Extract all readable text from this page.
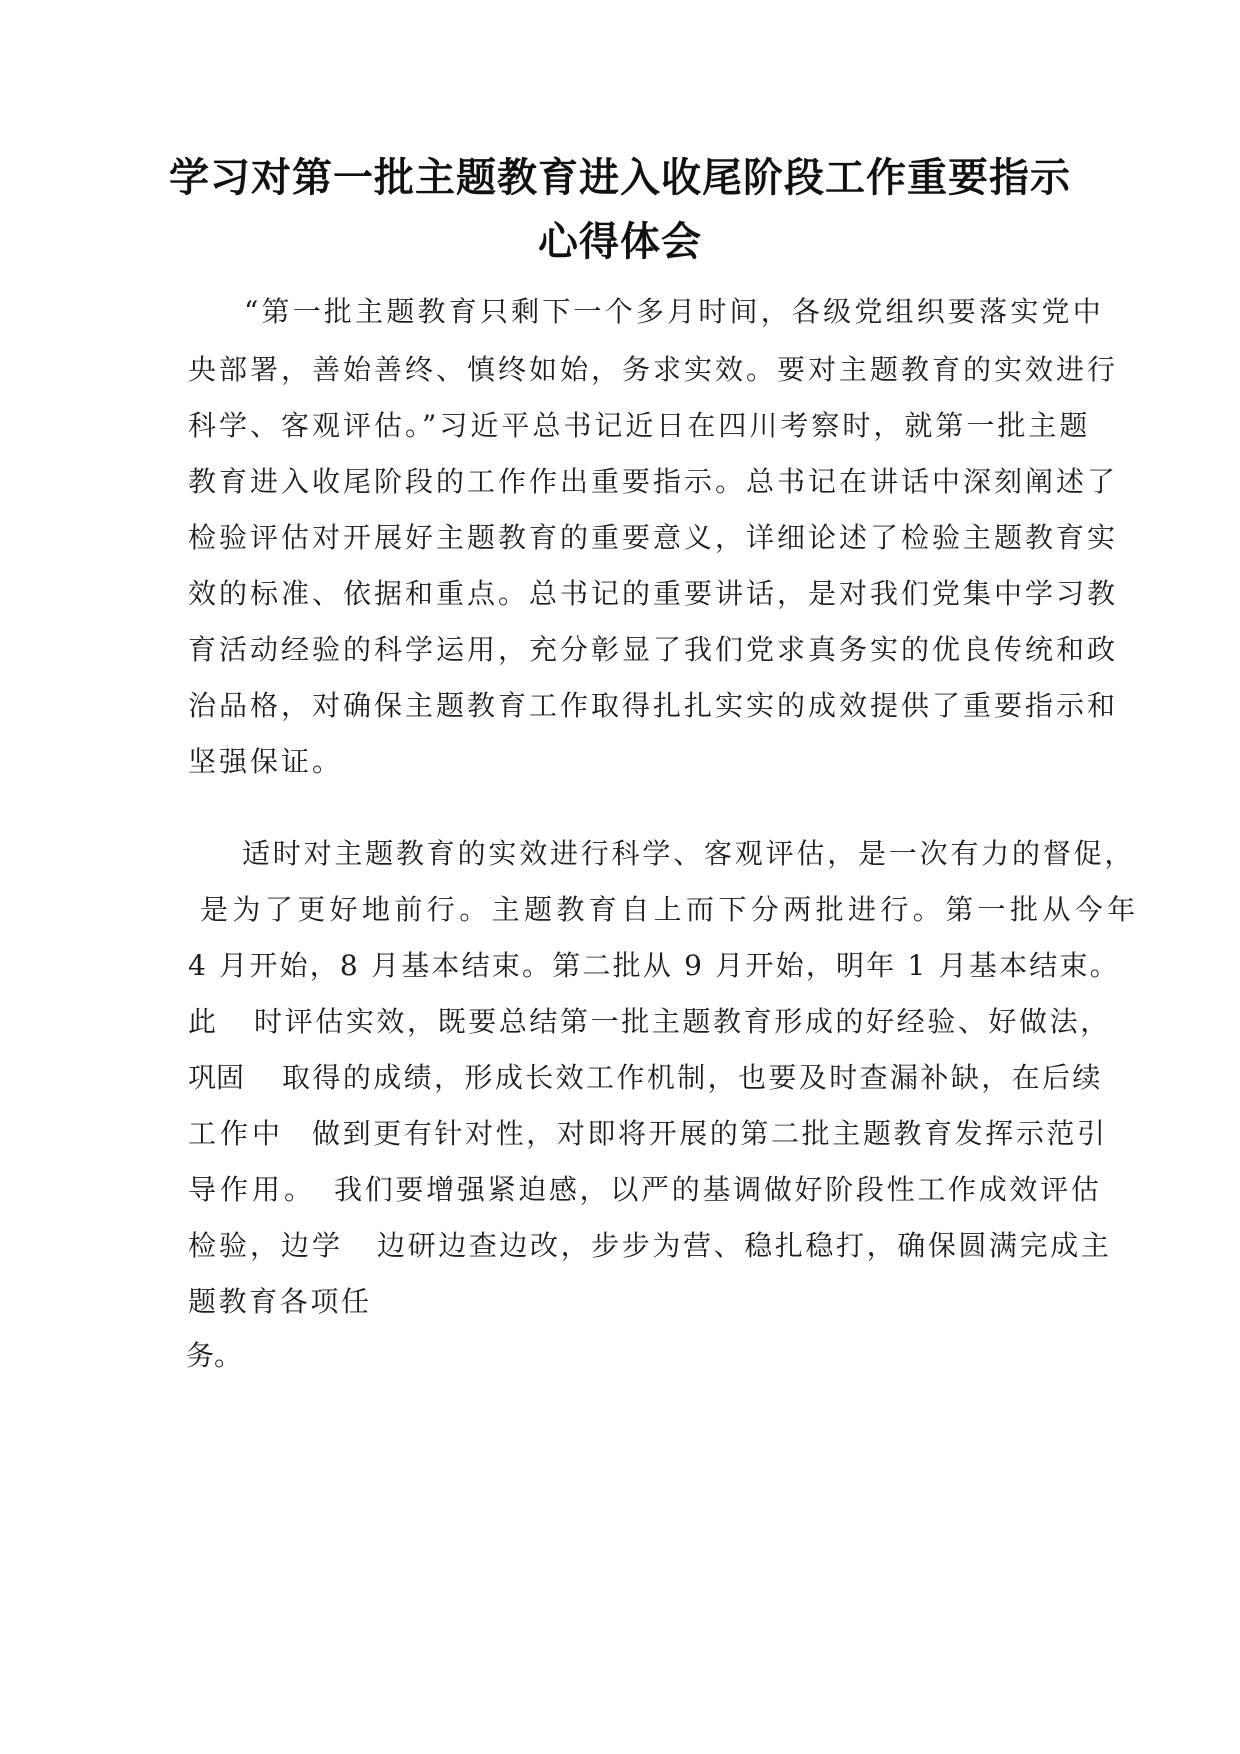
学习对第一批主题教育进入收尾阶段工作重要指示
心得体会
“第一批主题教育只剩下一个多月时间，各级党组织要落实党中
央部署，善始善终、慎终如始，务求实效。要对主题教育的实效进行
科学、客观评估。”习近平总书记近日在四川考察时，就第一批主题
教育进入收尾阶段的工作作出重要指示。总书记在讲话中深刻阐述了
检验评估对开展好主题教育的重要意义，详细论述了检验主题教育实
效的标准、依据和重点。总书记的重要讲话，是对我们党集中学习教
育活动经验的科学运用，充分彰显了我们党求真务实的优良传统和政
治品格，对确保主题教育工作取得扎扎实实的成效提供了重要指示和
坚强保证。
适时对主题教育的实效进行科学、客观评估，是一次有力的督促，
是为了更好地前行。主题教育自上而下分两批进行。第一批从今年
4 月开始，8 月基本结束。第二批从 9 月开始，明年 1 月基本结束。
此 时评估实效，既要总结第一批主题教育形成的好经验、好做法，
巩固 取得的成绩，形成长效工作机制，也要及时查漏补缺，在后续
工作中 做到更有针对性，对即将开展的第二批主题教育发挥示范引
导作用。 我们要增强紧迫感，以严的基调做好阶段性工作成效评估
检验，边学 边研边查边改，步步为营、稳扎稳打，确保圆满完成主
题教育各项任
务。
